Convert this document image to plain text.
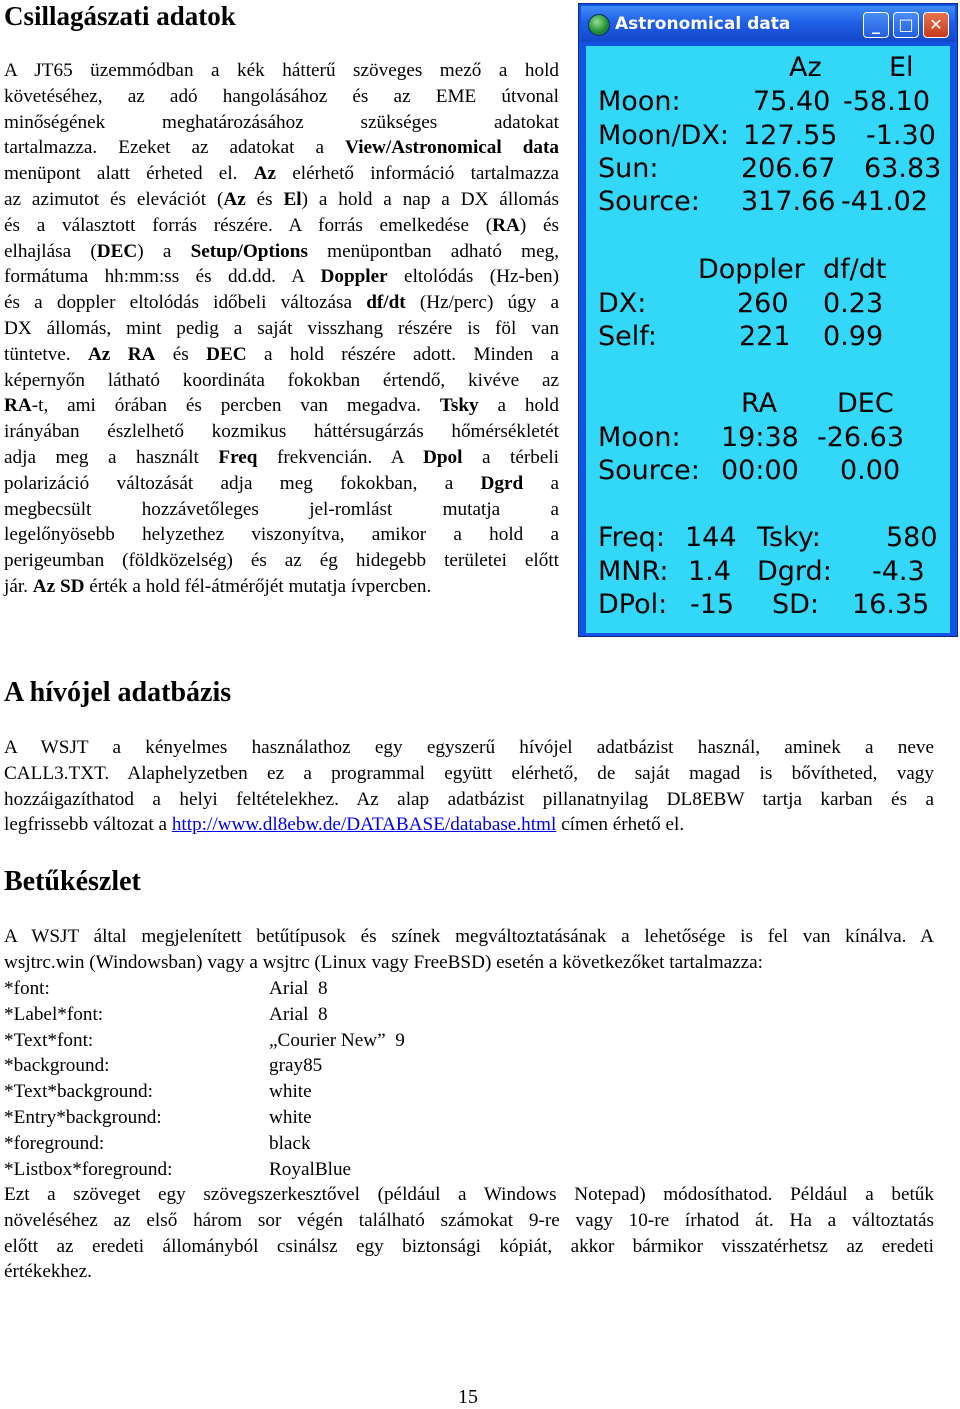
Csillagászati adatok
A JT65 üzemmódban a kék hátterű szöveges mező a hold
követéséhez, az adó hangolásához és az EME útvonal
minőségének meghatározásához szükséges adatokat
tartalmazza. Ezeket az adatokat a View/Astronomical data
menüpont alatt érheted el. Az elérhető információ tartalmazza
az azimutot és elevációt (Az és El) a hold a nap a DX állomás
és a választott forrás részére. A forrás emelkedése (RA) és
elhajlása (DEC) a Setup/Options menüpontban adható meg,
formátuma hh:mm:ss és dd.dd. A Doppler eltolódás (Hz-ben)
és a doppler eltolódás időbeli változása df/dt (Hz/perc) úgy a
DX állomás, mint pedig a saját visszhang részére is föl van
tüntetve. Az RA és DEC a hold részére adott. Minden a
képernyőn látható koordináta fokokban értendő, kivéve az
RA-t, ami órában és percben van megadva. Tsky a hold
irányában észlelhető kozmikus háttérsugárzás hőmérsékletét
adja meg a használt Freq frekvencián. A Dpol a térbeli
polarizáció változását adja meg fokokban, a Dgrd a
megbecsült hozzávetőleges jel-romlást mutatja a
legelőnyösebb helyzethez viszonyítva, amikor a hold a
perigeumban (földközelség) és az ég hidegebb területei előtt
jár. Az SD érték a hold fél-átmérőjét mutatja ívpercben.
Astronomical data	_	□ ✕
Az El
Moon:	75.40 -58.10
Moon/DX: 127.55 -1.30
Sun:	206.67 63.83
Source: 317.66 -41.02
Doppler df/dt
DX:	260 0.23
Self:	221 0.99
RA DEC
Moon: 19:38 -26.63
Source: 00:00 0.00
Freq: 144 Tsky: 580
MNR: 1.4 Dgrd: -4.3
DPol: -15 SD: 16.35
A hívójel adatbázis
A WSJT a kényelmes használathoz egy egyszerű hívójel adatbázist használ, aminek a neve
CALL3.TXT. Alaphelyzetben ez a programmal együtt elérhető, de saját magad is bővítheted, vagy
hozzáigazíthatod a helyi feltételekhez. Az alap adatbázist pillanatnyilag DL8EBW tartja karban és a
legfrissebb változat a http://www.dl8ebw.de/DATABASE/database.html címen érhető el.
Betűkészlet
A WSJT által megjelenített betűtípusok és színek megváltoztatásának a lehetősége is fel van kínálva. A
wsjtrc.win (Windowsban) vagy a wsjtrc (Linux vagy FreeBSD) esetén a következőket tartalmazza:
*font:	Arial  8
*Label*font:	Arial  8
*Text*font:	„Courier New”  9
*background:	gray85
*Text*background:	white
*Entry*background:	white
*foreground:	black
*Listbox*foreground:	RoyalBlue
Ezt a szöveget egy szövegszerkesztővel (például a Windows Notepad) módosíthatod. Például a betűk
növeléséhez az első három sor végén található számokat 9-re vagy 10-re írhatod át. Ha a változtatás
előtt az eredeti állományból csinálsz egy biztonsági kópiát, akkor bármikor visszatérhetsz az eredeti
értékekhez.
15
